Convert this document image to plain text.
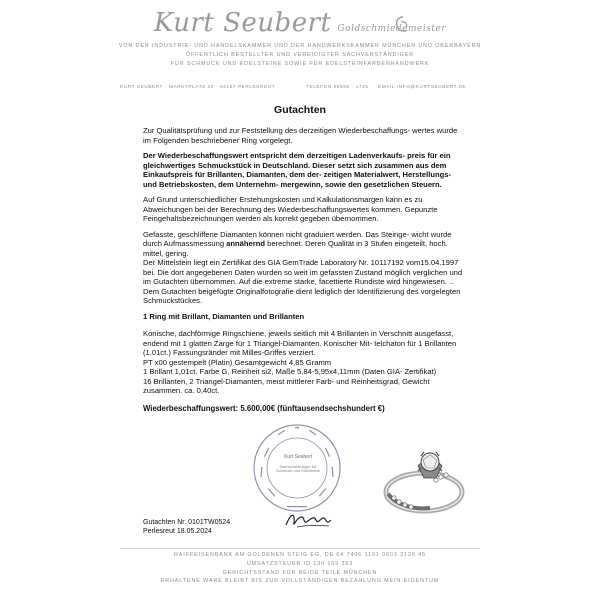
Kurt Seubert Goldschmiedemeister
VON DER INDUSTRIE- UND HANDELSKAMMER UND DER HANDWERKSKAMMER MÜNCHEN UND OBERBAYERN
ÖFFENTLICH BESTELLTER UND VEREIDIGTER SACHVERSTÄNDIGER
FÜR SCHMUCK UND EDELSTEINE SOWIE FÜR EDELSTEINFARBENHANDWERK
KURT SEUBERT · MARKTPLATZ 20 · 94157 PERLESREUT	TELEFON 08555 · 1725 EMAIL INFO@KURTSEUBERT.DE
Gutachten

Zur Qualitätsprüfung und zur Feststellung des derzeitigen Wiederbeschaffungs- wertes wurde im Folgenden beschriebener Ring vorgelegt.

Der Wiederbeschaffungswert entspricht dem derzeitigen Ladenverkaufs- preis für ein gleichwertiges Schmuckstück in Deutschland. Dieser setzt sich zusammen aus dem Einkaufspreis für Brillanten, Diamanten, dem der- zeitigen Materialwert, Herstellungs- und Betriebskosten, dem Unternehm- mergewinn, sowie den gesetzlichen Steuern.

Auf Grund unterschiedlicher Erstehungskosten und Kalkulationsmargen kann es zu Abweichungen bei der Berechnung des Wiederbeschaffungswertes kommen. Gepunzte Feingehaltsbezeichnungen werden als korrekt gegeben übernommen.

Gefasste, geschliffene Diamanten können nicht graduiert werden. Das Steinge- wicht wurde durch Aufmassmessung annähernd berechnet. Deren Qualität in 3 Stufen eingeteilt, hoch. mittel, gering.

Der Mittelstein liegt ein Zertifikat des GIA GemTrade Laboratory Nr. 10117192 vom15.04.1997 bei. Die dort angegebenen Daten wurden so weit im gefassten Zustand möglich verglichen und im Gutachten übernommen. Auf die extreme starke, facettierte Rundiste wird hingewiesen. ..

Dem Gutachten beigefügte Originalfotografie dient lediglich der Identifizierung des vorgelegten Schmuckstückes.

1 Ring mit Brillant, Diamanten und Brillanten

Konische, dachförmige Ringschiene, jeweils seitlich mit 4 Brillanten in Verschnitt ausgefasst, endend mit 1 glatten Zarge für 1 Triangel-Diamanten. Konischer Mit- telchaton für 1 Brillanten (1.01ct.) Fassungsränder mit Milles-Griffes verziert.

PT x00 gestempelt (Platin) Gesamtgewicht 4,85 Gramm

1 Brillant 1,01ct. Farbe G, Reinheit si2, Maße 5,84-5,95x4,11mm (Daten GIA- Zertifikat)

16 Brillanten, 2 Triangel-Diamanten, meist mittlerer Farb- und Reinheitsgrad, Gewicht zusammen. ca. 0,40ct.

Wiederbeschaffungswert: 5.600,00€ (fünftausendsechshundert €)
Kurt Seubert
Sachverständiger für
Schmuck und Edelsteine
Gutachten Nr. 0101TW0524
Perlesreut 18.05.2024
RAIFFEISENBANK AM GOLDENEN STEIG EG, DE 64 7406 1101 0003 2126 45
UMSATZSTEUER ID 130 169 353
GERICHTSSTAND FÜR BEIDE TEILE MÜNCHEN
ERHALTENE WARE BLEIBT BIS ZUR VOLLSTÄNDIGEN BEZAHLUNG MEIN EIGENTUM
